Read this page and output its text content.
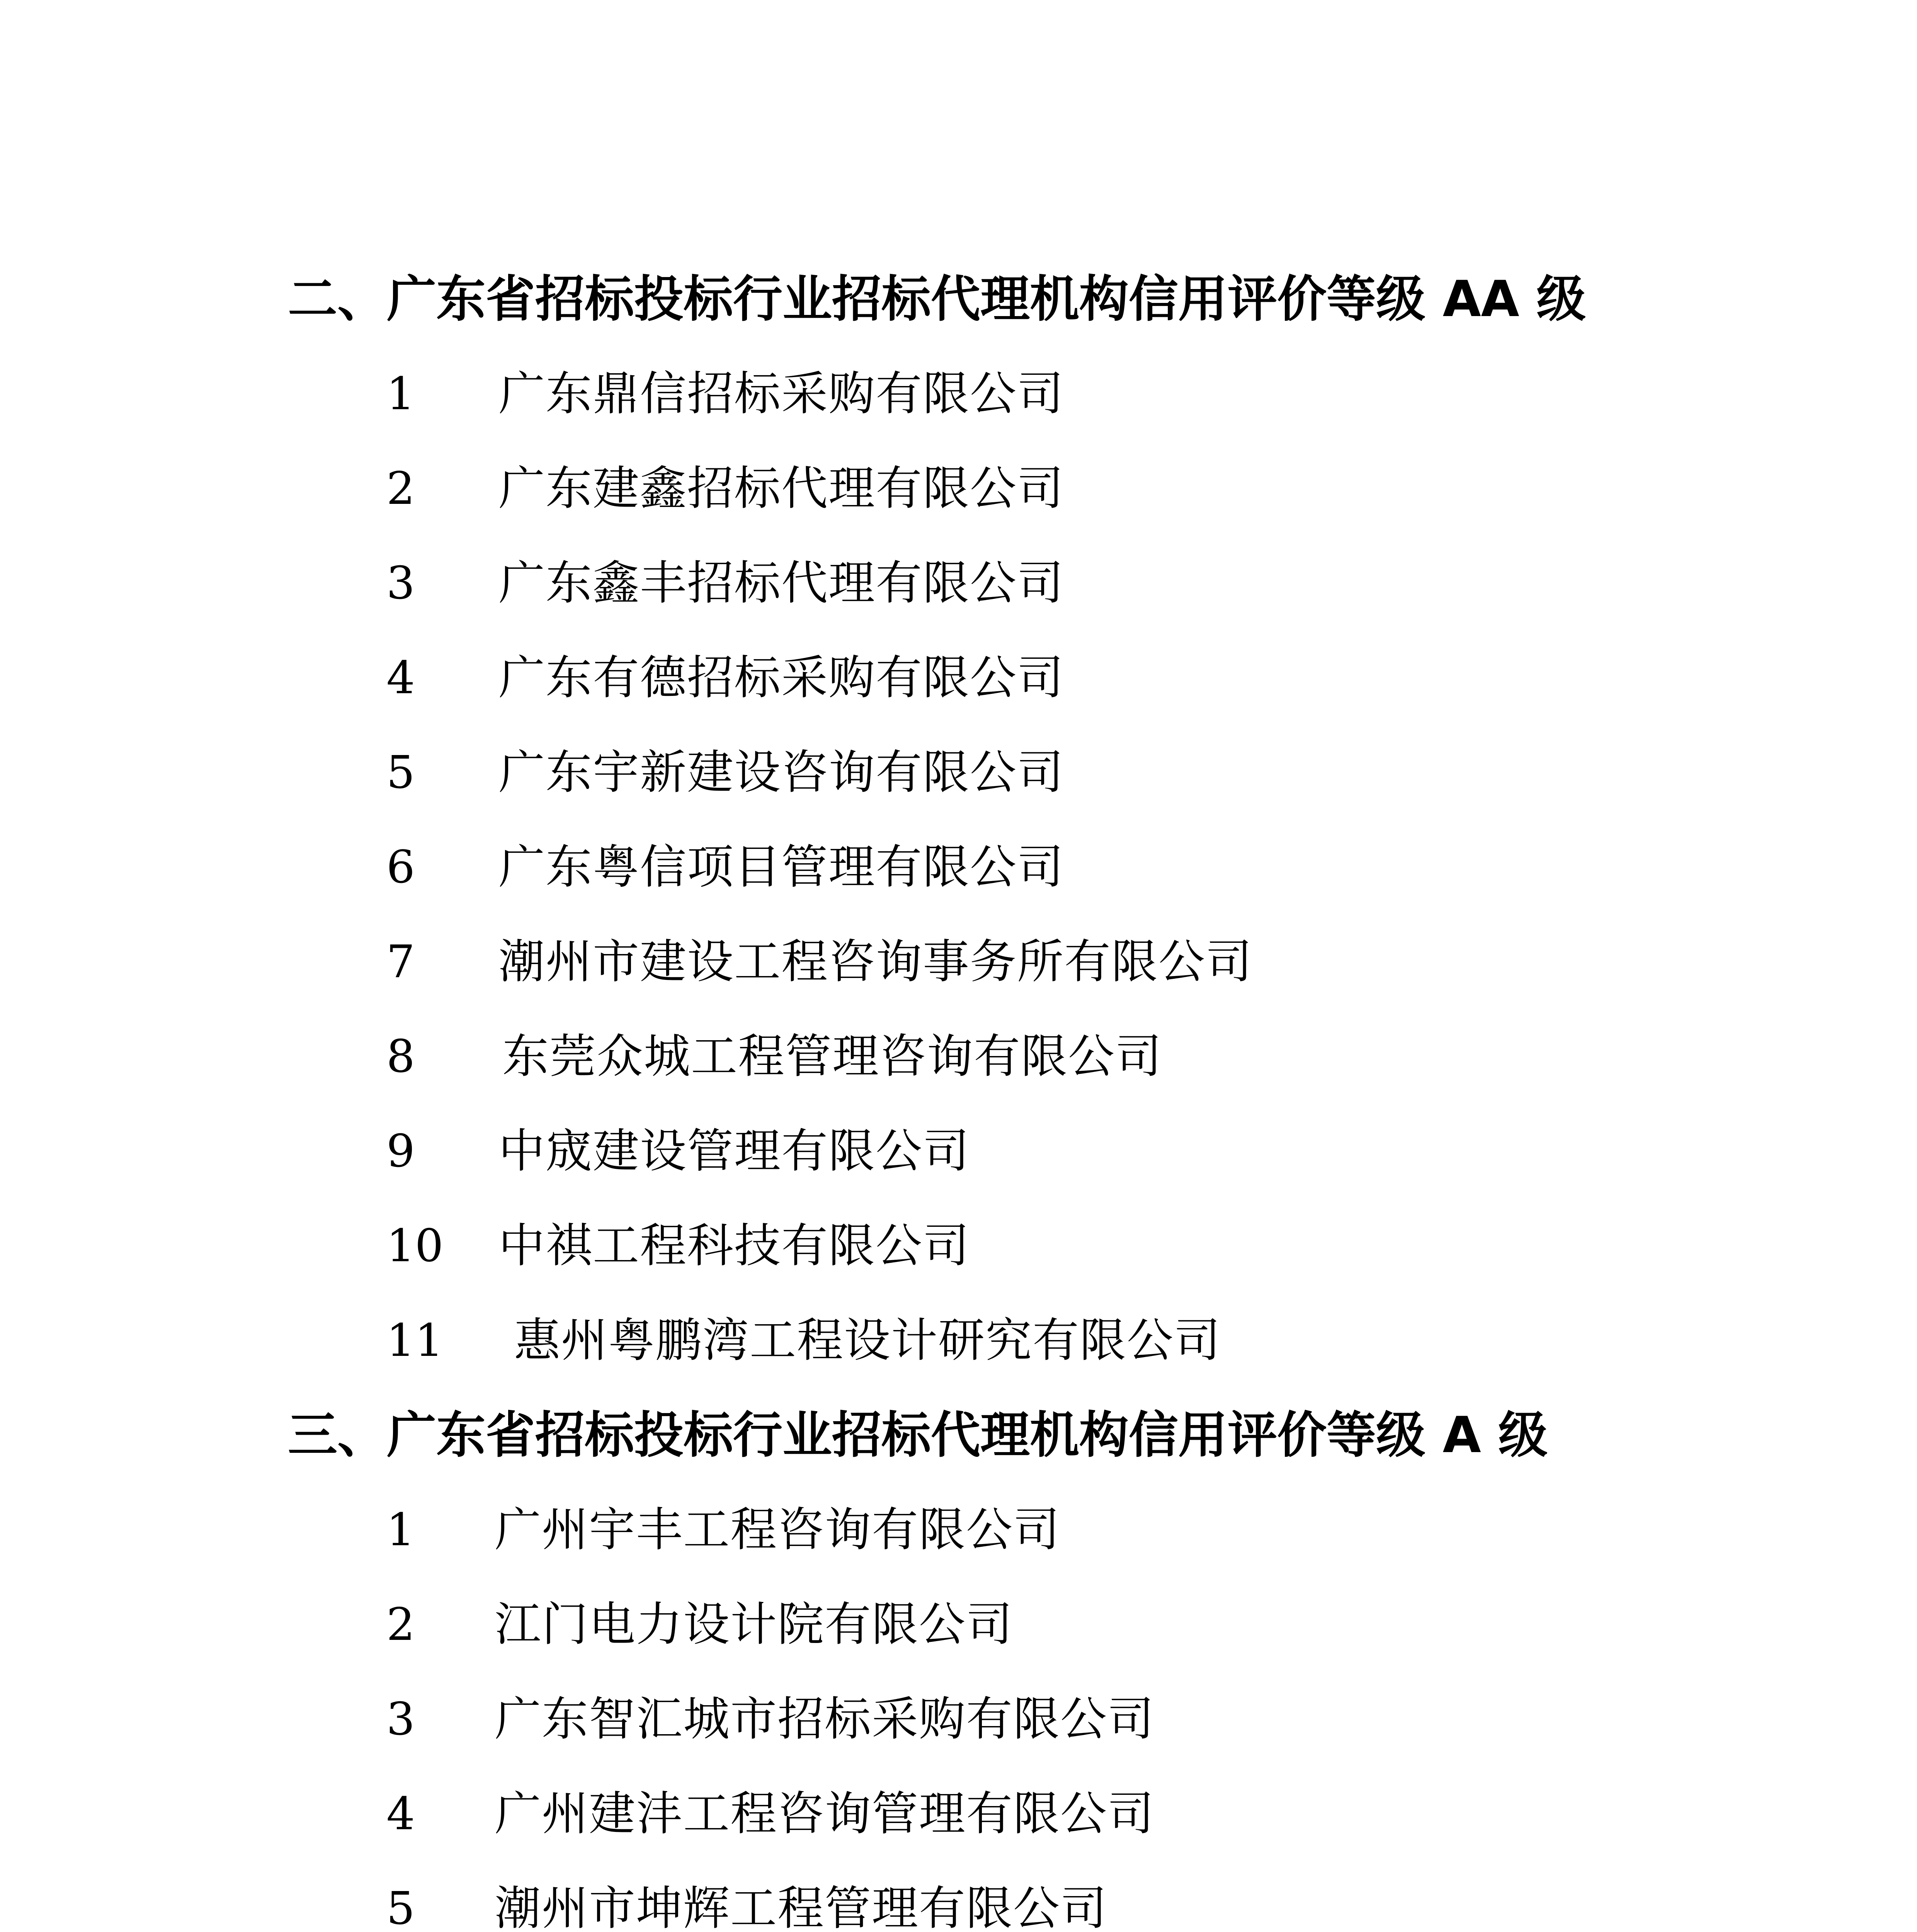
二、广东省招标投标行业招标代理机构信用评价等级 AA 级
1 广东鼎信招标采购有限公司
2 广东建鑫招标代理有限公司
3 广东鑫丰招标代理有限公司
4 广东有德招标采购有限公司
5 广东宇新建设咨询有限公司
6 广东粤信项目管理有限公司
7 潮州市建设工程咨询事务所有限公司
8 东莞众城工程管理咨询有限公司
9 中宬建设管理有限公司
10 中祺工程科技有限公司
11 惠州粤鹏湾工程设计研究有限公司
三、广东省招标投标行业招标代理机构信用评价等级 A 级
1 广州宇丰工程咨询有限公司
2 江门电力设计院有限公司
3 广东智汇城市招标采购有限公司
4 广州建沣工程咨询管理有限公司
5 潮州市坤辉工程管理有限公司
